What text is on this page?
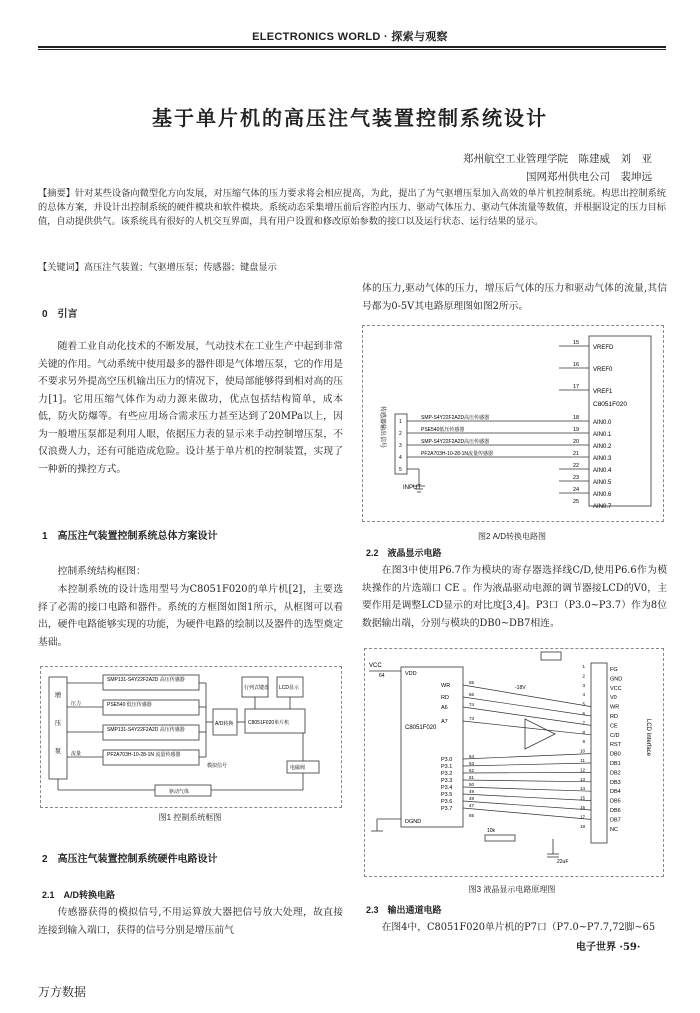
ELECTRONICS WORLD · 探索与观察
基于单片机的高压注气装置控制系统设计
郑州航空工业管理学院　陈建威　刘　亚
国网郑州供电公司　裴坤远
【摘要】针对某些设备向微型化方向发展，对压缩气体的压力要求将会相应提高，为此，提出了为气驱增压泵加入高效的单片机控制系统。构思出控制系统的总体方案，并设计出控制系统的硬件模块和软件模块。系统动态采集增压前后容腔内压力、驱动气体压力、驱动气体流量等数值，并根据设定的压力目标值，自动提供供气。该系统具有很好的人机交互界面，具有用户设置和修改原始参数的接口以及运行状态、运行结果的显示。
【关键词】高压注气装置；气驱增压泵；传感器；键盘显示
0　引言
随着工业自动化技术的不断发展，气动技术在工业生产中起到非常关键的作用。气动系统中使用最多的器件即是气体增压泵，它的作用是不要求另外提高空压机输出压力的情况下，使局部能够得到相对高的压力[1]。它用压缩气体作为动力源来做功，优点包括结构简单，成本低，防火防爆等。有些应用场合需求压力甚至达到了20MPa以上，因为一般增压泵都是利用人眼，依据压力表的显示来手动控制增压泵，不仅浪费人力，还有可能造成危险。设计基于单片机的控制装置，实现了一种新的操控方式。
1　高压注气装置控制系统总体方案设计
控制系统结构框图：
本控制系统的设计选用型号为C8051F020的单片机[2]，主要选择了必需的接口电路和器件。系统的方框图如图1所示，从框图可以看出，硬件电路能够实现的功能，为硬件电路的绘制以及器件的选型奠定基础。
增压泵
SMP131-S4Y22F2A2D 高压传感器
PSE540 低压传感器
SMP131-S4Y22F2A2D 高压传感器
PF2A703H-10-28-1N 流量传感器
压力
流量
模拟信号
A/D转换
行列式键盘 LCD显示
C8051F020单片机
电磁阀
驱动气体
图1 控制系统框图
2　高压注气装置控制系统硬件电路设计
2.1　A/D转换电路
传感器获得的模拟信号,不用运算放大器把信号放大处理，故直接连接到输入端口，获得的信号分别是增压前气
体的压力,驱动气体的压力，增压后气体的压力和驱动气体的流量,其信号都为0-5V其电路原理图如图2所示。
VREFD
15
VREF0
16
VREF1
17
C8051F020
AIN0.0
18
AIN0.1
19
AIN0.2
20
AIN0.3
21
AIN0.4
22
AIN0.5
23
AIN0.6
24
AIN0.7
25
SMP-S4Y22F2A2D高压传感器
PSE540低压传感器
SMP-S4Y22F2A2D高压传感器
PF2A703H-10-28-1N流量传感器
1
2
3
4
5
INPUT
传感器输出信号
图2 A/D转换电路图
2.2　液晶显示电路
在图3中使用P6.7作为模块的寄存器选择线C/D,使用P6.6作为模块操作的片选端口 CE 。作为液晶驱动电源的调节器接LCD的V0，主要作用是调整LCD显示的对比度[3,4]。P3口（P3.0~P3.7）作为8位数据输出端，分别与模块的DB0~DB7相连。
VCC
64
C8051F020
VDD
WR
RD
A6
A7
P3.0
P3.1
P3.2
P3.3
P3.4
P3.5
P3.6
P3.7
DGND
FG
1
GND
2
VCC
3
V0
4
WR
5
RD
6
CE
7
C/D
8
RST
9
DB0
10
DB1
11
DB2
12
DB3
13
DB4
14
DB5
15
DB6
16
DB7
17
NC
18
LCD Interface
55
56
74
73
54
53
52
51
50
49
48
47
65
10k
22uF
-18V
图3 液晶显示电路原理图
2.3　输出通道电路
在图4中，C8051F020单片机的P7口（P7.0~P7.7,72脚~65
电子世界 ·59·
万方数据
